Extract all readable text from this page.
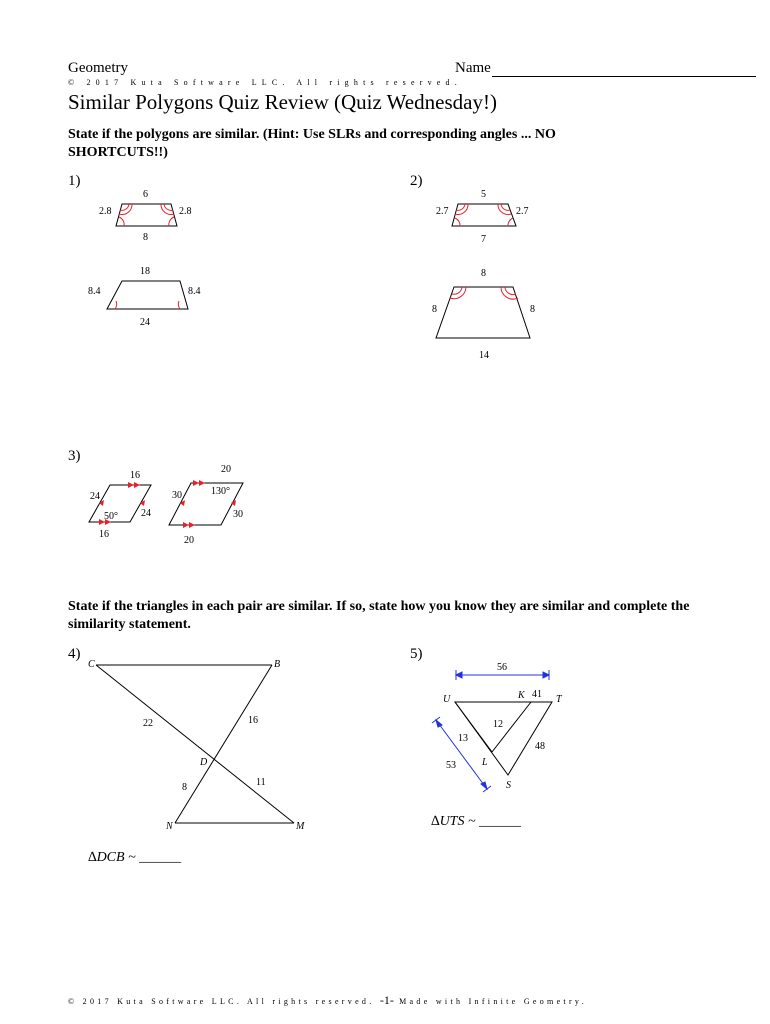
Geometry	Name
© 2017 Kuta Software LLC. All rights reserved.
Similar Polygons Quiz Review (Quiz Wednesday!)
State if the polygons are similar. (Hint: Use SLRs and corresponding angles ... NO SHORTCUTS!!)
1)
6
2.8	2.8
8
18
8.4	8.4
24
2)
5
2.7	2.7
7
8
8	8
14
3)
16
24
24
50°
16
20
130°
30
30
20
State if the triangles in each pair are similar. If so, state how you know they are similar and complete the similarity statement.
4)
C	B
D
N	M
22	16
8	11
∆DCB ~ ______
5)
56
U	K 41 T
12
13
48
53	L
S
∆UTS ~ ______
© 2017 Kuta Software LLC. All rights reserved. -1- Made with Infinite Geometry.
